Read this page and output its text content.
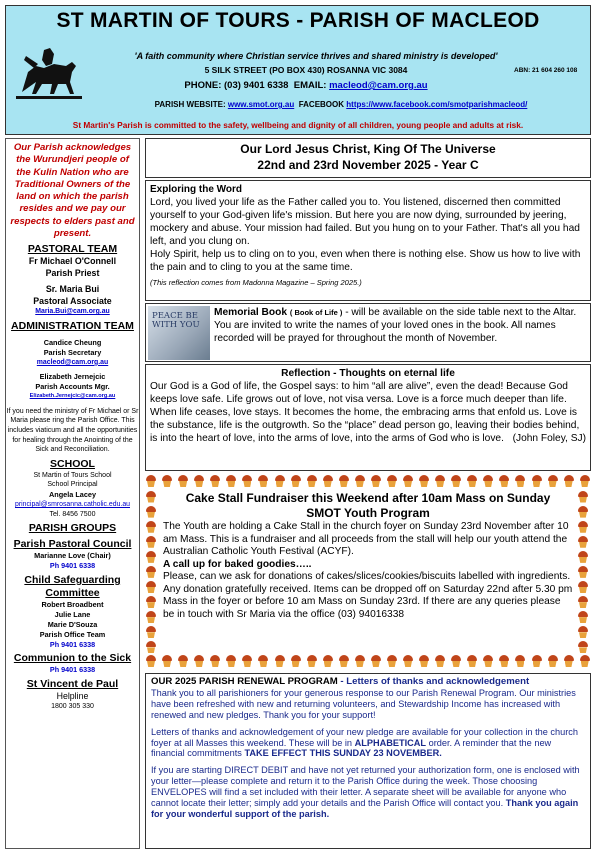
ST MARTIN OF TOURS - PARISH OF MACLEOD
'A faith community where Christian service thrives and shared ministry is developed'
5 SILK STREET (PO BOX 430) ROSANNA VIC 3084	ABN: 21 604 260 108
PHONE: (03) 9401 6338 EMAIL: macleod@cam.org.au
PARISH WEBSITE: www.smot.org.au FACEBOOK https://www.facebook.com/smotparishmacleod/
St Martin's Parish is committed to the safety, wellbeing and dignity of all children, young people and adults at risk.
Our Parish acknowledges the Wurundjeri people of the Kulin Nation who are Traditional Owners of the land on which the parish resides and we pay our respects to elders past and present.
PASTORAL TEAM
Fr Michael O'Connell
Parish Priest
Sr. Maria Bui
Pastoral Associate
Maria.Bui@cam.org.au
ADMINISTRATION TEAM
Candice Cheung
Parish Secretary
macleod@cam.org.au
Elizabeth Jernejcic
Parish Accounts Mgr.
Elizabeth.Jernejcic@cam.org.au
If you need the ministry of Fr Michael or Sr Maria please ring the Parish Office. This includes viaticum and all the opportunities for healing through the Anointing of the Sick and Reconciliation.
SCHOOL
St Martin of Tours School
School Principal
Angela Lacey
principal@smrosanna.catholic.edu.au
Tel. 8456 7500
PARISH GROUPS
Parish Pastoral Council
Marianne Love (Chair)
Ph 9401 6338
Child Safeguarding Committee
Robert Broadbent
Julie Lane
Marie D'Souza
Parish Office Team
Ph 9401 6338
Communion to the Sick
Ph 9401 6338
St Vincent de Paul
Helpline
1800 305 330
Our Lord Jesus Christ, King Of The Universe
22nd and 23rd November 2025 - Year C
Exploring the Word
Lord, you lived your life as the Father called you to. You listened, discerned then committed yourself to your God-given life's mission. But here you are now dying, surrounded by jeering, mockery and abuse. Your mission had failed. But you hung on to your Father. That's all you had left, and you clung on.
Holy Spirit, help us to cling on to you, even when there is nothing else. Show us how to live with the pain and to cling to you at the same time.
(This reflection comes from Madonna Magazine – Spring 2025.)
PEACE BE WITH YOU
Memorial Book ( Book of Life ) - will be available on the side table next to the Altar. You are invited to write the names of your loved ones in the book. All names recorded will be prayed for throughout the month of November.
Reflection - Thoughts on eternal life
Our God is a God of life, the Gospel says: to him “all are alive”, even the dead! Because God keeps love safe. Life grows out of love, not visa versa. Love is a force much deeper than life. When life ceases, love stays. It becomes the home, the embracing arms that enfold us. Love is the substance, life is the outgrowth. So the “place” dead person go, leaving their bodies behind, is into the heart of love, into the arms of love, into the arms of God who is love. (John Foley, SJ)
Cake Stall Fundraiser this Weekend after 10am Mass on Sunday
SMOT Youth Program
The Youth are holding a Cake Stall in the church foyer on Sunday 23rd November after 10 am Mass. This is a fundraiser and all proceeds from the stall will help our youth attend the Australian Catholic Youth Festival (ACYF).
A call up for baked goodies…..
Please, can we ask for donations of cakes/slices/cookies/biscuits labelled with ingredients. Any donation gratefully received. Items can be dropped off on Saturday 22nd after 5.30 pm Mass in the foyer or before 10 am Mass on Sunday 23rd. If there are any queries please be in touch with Sr Maria via the office (03) 94016338
OUR 2025 PARISH RENEWAL PROGRAM - Letters of thanks and acknowledgement
Thank you to all parishioners for your generous response to our Parish Renewal Program. Our ministries have been refreshed with new and returning volunteers, and Stewardship Income has increased with renewed and new pledges. Thank you for your support!

Letters of thanks and acknowledgement of your new pledge are available for your collection in the church foyer at all Masses this weekend. These will be in ALPHABETICAL order. A reminder that the new financial commitments TAKE EFFECT THIS SUNDAY 23 NOVEMBER.

If you are starting DIRECT DEBIT and have not yet returned your authorization form, one is enclosed with your letter—please complete and return it to the Parish Office during the week. Those choosing ENVELOPES will find a set included with their letter. A separate sheet will be available for anyone who cannot locate their letter; simply add your details and the Parish Office will contact you. Thank you again for your wonderful support of the parish.
